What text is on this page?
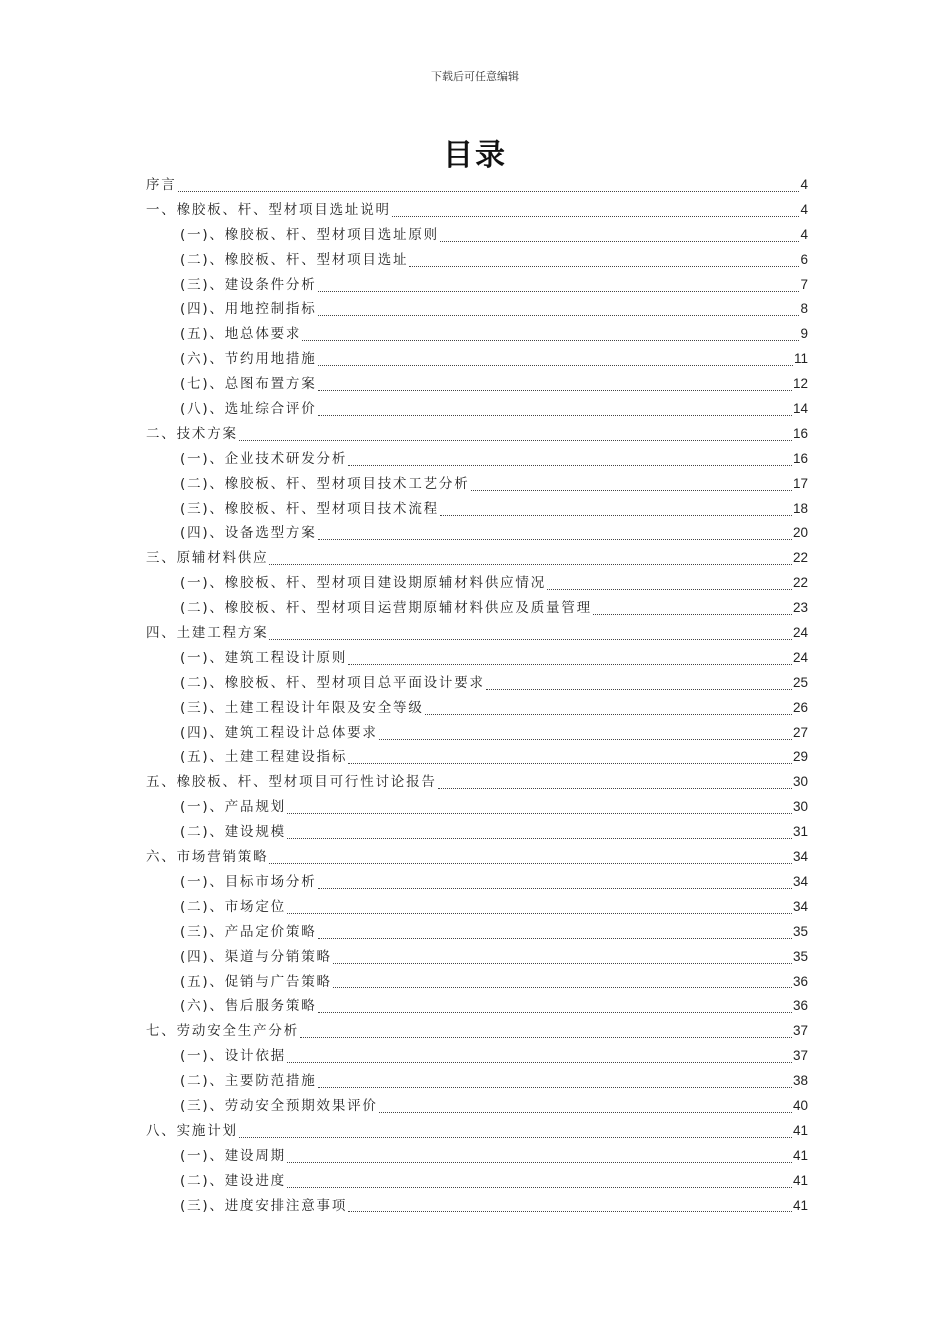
下载后可任意编辑
目录
序言	4
一、橡胶板、杆、型材项目选址说明	4
(一)、橡胶板、杆、型材项目选址原则	4
(二)、橡胶板、杆、型材项目选址	6
(三)、建设条件分析	7
(四)、用地控制指标	8
(五)、地总体要求	9
(六)、节约用地措施	11
(七)、总图布置方案	12
(八)、选址综合评价	14
二、技术方案	16
(一)、企业技术研发分析	16
(二)、橡胶板、杆、型材项目技术工艺分析	17
(三)、橡胶板、杆、型材项目技术流程	18
(四)、设备选型方案	20
三、原辅材料供应	22
(一)、橡胶板、杆、型材项目建设期原辅材料供应情况	22
(二)、橡胶板、杆、型材项目运营期原辅材料供应及质量管理	23
四、土建工程方案	24
(一)、建筑工程设计原则	24
(二)、橡胶板、杆、型材项目总平面设计要求	25
(三)、土建工程设计年限及安全等级	26
(四)、建筑工程设计总体要求	27
(五)、土建工程建设指标	29
五、橡胶板、杆、型材项目可行性讨论报告	30
(一)、产品规划	30
(二)、建设规模	31
六、市场营销策略	34
(一)、目标市场分析	34
(二)、市场定位	34
(三)、产品定价策略	35
(四)、渠道与分销策略	35
(五)、促销与广告策略	36
(六)、售后服务策略	36
七、劳动安全生产分析	37
(一)、设计依据	37
(二)、主要防范措施	38
(三)、劳动安全预期效果评价	40
八、实施计划	41
(一)、建设周期	41
(二)、建设进度	41
(三)、进度安排注意事项	41
